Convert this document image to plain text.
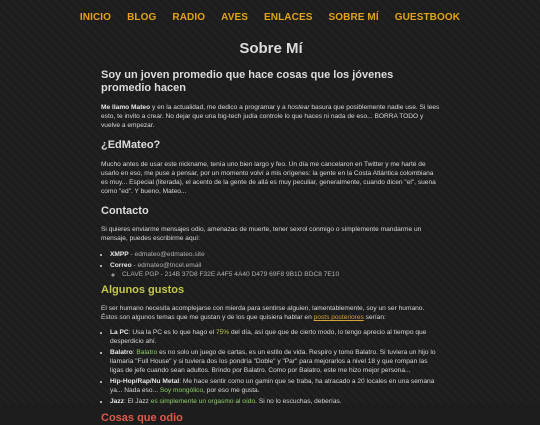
INICIO BLOG RADIO AVES ENLACES SOBRE MÍ GUESTBOOK
Sobre Mí
Soy un joven promedio que hace cosas que los jóvenes promedio hacen

Me llamo Mateo y en la actualidad, me dedico a programar y a hostear basura que posiblemente nadie use. Si lees esto, te invito a crear. No dejar que una big-tech judía controle lo que haces ni nada de eso... BORRA TODO y vuelve a empezar.

¿EdMateo?

Mucho antes de usar este nickname, tenía uno bien largo y feo. Un día me cancelaron en Twitter y me harté de usarlo en eso, me puse a pensar, por un momento volví a mis orígenes: la gente en la Costa Atlántica colombiana es muy... Especial (literada), el acento de la gente de allá es muy peculiar, generalmente, cuando dicen "el", suena como "ed". Y bueno, Mateo...

Contacto

Si quieres enviarme mensajes odio, amenazas de muerte, tener sexrol conmigo o simplemente mandarme un mensaje, puedes escribirme aquí:

• XMPP - edmateo@edmateo.site
• Correo - edmateo@tncel.email
◦ CLAVE PGP - 214B 37D8 F32E A4F5 4A40 D479 69F8 9B1D BDC8 7E10
Algunos gustos

El ser humano necesita acomplejarse con mierda para sentirse alguien, lamentablemente, soy un ser humano. Éstos son algunos temas que me gustan y de los que quisiera hablar en posts posteriores serían:

• La PC: Usa la PC es lo que hago el 75% del día, así que que de cierto modo, lo tengo aprecio al tiempo que desperdicio ahí.
• Balatro: Balatro es no solo un juego de cartas, es un estilo de vida. Respiro y tomo Balatro. Si tuviera un hijo lo llamaría "Full House" y si tuviera dos los pondría "Doble" y "Par" para mejorarlos a nivel 18 y que rompan las ligas de jefe cuando sean adultos. Brindo por Balatro. Como por Balatro, este me hizo mejor persona...
• Hip-Hop/Rap/Nu Metal: Me hace sentir como un gamin que se traba, ha atracado a 20 locales en una semana ya... Nada eso... Soy mongólico, por eso me gusta.
• Jazz: El Jazz es simplemente un orgasmo al oído. Si no lo escuchas, deberías.
Cosas que odio
